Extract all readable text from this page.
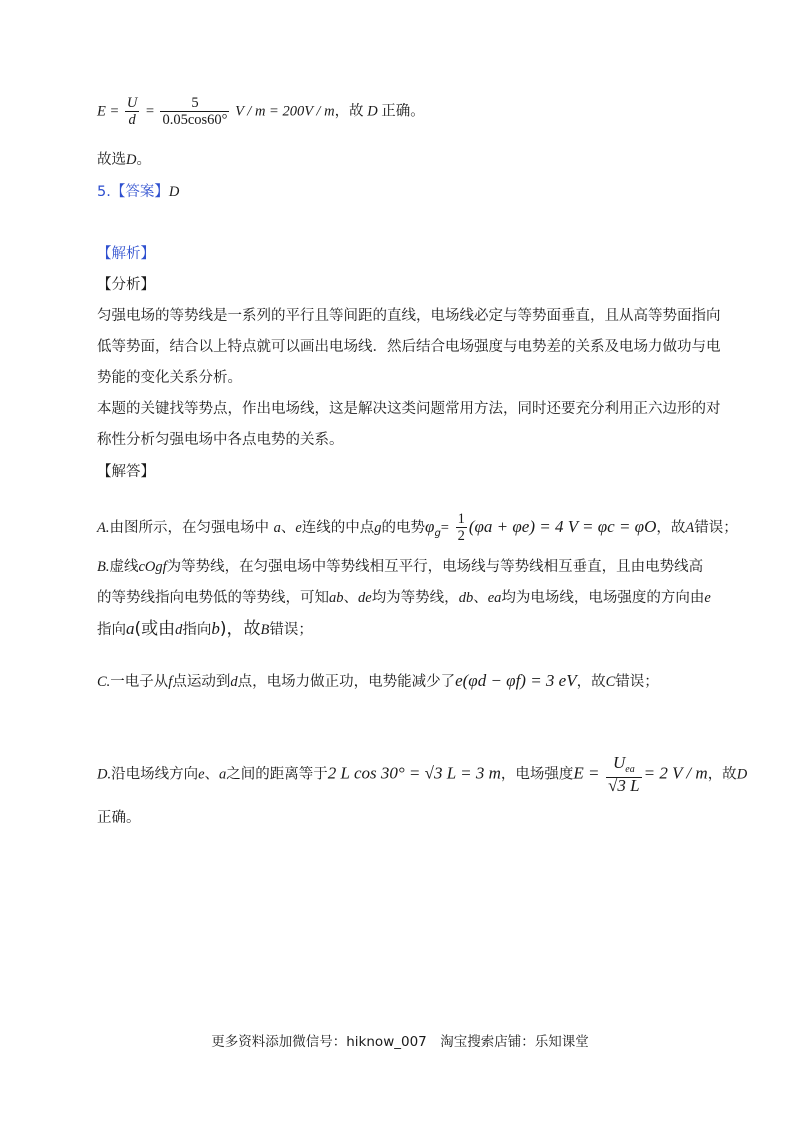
$E = \frac{U}{d} = \frac{5}{0.05\cos 60^\circ}$ V / m = 200V / m，故 D 正确。
故选D。
5.【答案】D
【解析】
【分析】
匀强电场的等势线是一系列的平行且等间距的直线，电场线必定与等势面垂直，且从高等势面指向
低等势面，结合以上特点就可以画出电场线．然后结合电场强度与电势差的关系及电场力做功与电
势能的变化关系分析。
本题的关键找等势点，作出电场线，这是解决这类问题常用方法，同时还要充分利用正六边形的对
称性分析匀强电场中各点电势的关系。
【解答】
A.由图所示，在匀强电场中 a、e连线的中点g的电势$\varphi_g= \frac{1}{2} (\varphi a + \varphi e) = 4$ V = φc = φO，故A错误；
B.虚线cOgf为等势线，在匀强电场中等势线相互平行，电场线与等势线相互垂直，且由电势线高
的等势线指向电势低的等势线，可知ab、de均为等势线，db、ea均为电场线，电场强度的方向由e
指向a(或由d指向b)，故B错误；
C.一电子从f点运动到d点，电场力做正功，电势能减少了e(φd − φf) = 3 eV，故C错误；
D.沿电场线方向e、a之间的距离等于2 L cos 30° = √3 L = 3 m，电场强度$E = \frac{U_{ea}}{√3 L} = 2$ V / m，故D
正确。
更多资料添加微信号：hiknow_007　淘宝搜索店铺：乐知课堂
